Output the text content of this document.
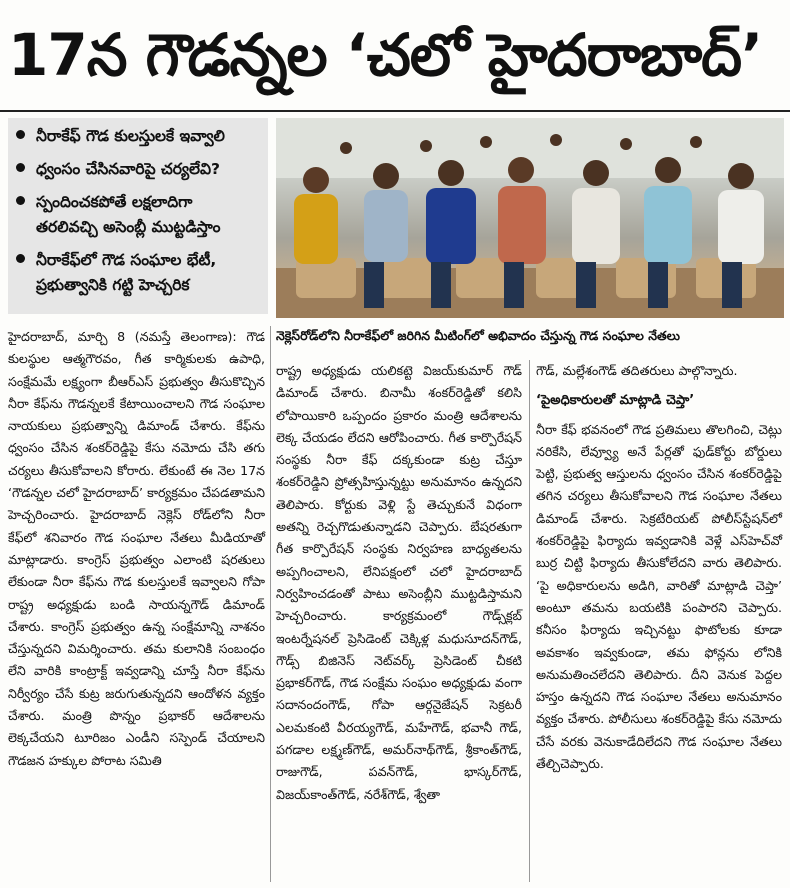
17న గౌడన్నల ‘చలో హైదరాబాద్’
నీరాకేఫ్ గౌడ కులస్తులకే ఇవ్వాలి
ధ్వంసం చేసినవారిపై చర్యలేవి?
స్పందించకపోతే లక్షలాదిగా
తరలివచ్చి అసెంబ్లీ ముట్టడిస్తాం
నీరాకేఫ్‌లో గౌడ సంఘాల భేటీ,
ప్రభుత్వానికి గట్టి హెచ్చరిక
నెక్లెస్‌రోడ్‌లోని నీరాకేఫ్‌లో జరిగిన మీటింగ్‌లో అభివాదం చేస్తున్న గౌడ సంఘాల నేతలు

హైదరాబాద్, మార్చి 8 (నమస్తే తెలంగాణ): గౌడ కులస్థుల ఆత్మగౌరవం, గీత కార్మికులకు ఉపాధి, సంక్షేమమే లక్ష్యంగా బీఆర్‌ఎస్ ప్రభుత్వం తీసుకొచ్చిన నీరా కేఫ్‌ను గౌడన్నలకే కేటాయించాలని గౌడ సంఘాల నాయకులు ప్రభుత్వాన్ని డిమాండ్ చేశారు. కేఫ్‌ను ధ్వంసం చేసిన శంకర్‌రెడ్డిపై కేసు నమోదు చేసి తగు చర్యలు తీసుకోవాలని కోరారు. లేకుంటే ఈ నెల 17న ‘గౌడన్నల చలో హైదరాబాద్’ కార్యక్రమం చేపడతామని హెచ్చరించారు. హైదరాబాద్ నెక్లెస్ రోడ్‌లోని నీరా కేఫ్‌లో శనివారం గౌడ సంఘాల నేతలు మీడియాతో మాట్లాడారు. కాంగ్రెస్ ప్రభుత్వం ఎలాంటి షరతులు లేకుండా నీరా కేఫ్‌ను గౌడ కులస్తులకే ఇవ్వాలని గోపా రాష్ట్ర అధ్యక్షుడు బండి సాయన్నగౌడ్ డిమాండ్ చేశారు. కాంగ్రెస్ ప్రభుత్వం ఉన్న సంక్షేమాన్ని నాశనం చేస్తున్నదని విమర్శించారు. తమ కులానికి సంబంధం లేని వారికి కాంట్రాక్ట్ ఇవ్వడాన్ని చూస్తే నీరా కేఫ్‌ను నిర్వీర్యం చేసే కుట్ర జరుగుతున్నదని ఆందోళన వ్యక్తం చేశారు. మంత్రి పొన్నం ప్రభాకర్ ఆదేశాలను లెక్కచేయని టూరిజం ఎండీని సస్పెండ్ చేయాలని గౌడజన హక్కుల పోరాట సమితి

రాష్ట్ర అధ్యక్షుడు యలికట్టె విజయ్‌కుమార్ గౌడ్ డిమాండ్ చేశారు. బినామీ శంకర్‌రెడ్డితో కలిసి లోపాయికారి ఒప్పందం ప్రకారం మంత్రి ఆదేశాలను లెక్క చేయడం లేదని ఆరోపించారు. గీత కార్పొరేషన్ సంస్థకు నీరా కేఫ్ దక్కకుండా కుట్ర చేస్తూ శంకర్‌రెడ్డిని ప్రోత్సహిస్తున్నట్టు అనుమానం ఉన్నదని తెలిపారు. కోర్టుకు వెళ్లి స్టే తెచ్చుకునే విధంగా అతన్ని రెచ్చగొడుతున్నాడని చెప్పారు. బేషరతుగా గీత కార్పొరేషన్ సంస్థకు నిర్వహణ బాధ్యతలను అప్పగించాలని, లేనిపక్షంలో చలో హైదరాబాద్ నిర్వహించడంతో పాటు అసెంబ్లీని ముట్టడిస్తామని హెచ్చరించారు. కార్యక్రమంలో గౌడ్స్‌క్లబ్ ఇంటర్నేషనల్ ప్రెసిడెంట్ చెక్కిళ్ల మధుసూదన్‌గౌడ్, గౌడ్స్ బిజినెస్ నెట్‌వర్క్ ప్రెసిడెంట్ చీకటి ప్రభాకర్‌గౌడ్, గౌడ సంక్షేమ సంఘం అధ్యక్షుడు వంగా సదానందంగౌడ్, గోపా ఆర్గనైజేషన్ సెక్రటరీ ఎలమకంటి వీరయ్యగౌడ్, మహేగౌడ్, భవానీ గౌడ్, పగడాల లక్ష్మణ్‌గౌడ్, అమర్‌నాథ్‌గౌడ్, శ్రీకాంత్‌గౌడ్, రాజుగౌడ్, పవన్‌గౌడ్, భాస్కర్‌గౌడ్, విజయ్‌కాంత్‌గౌడ్, నరేశ్‌గౌడ్, శ్వేతా

గౌడ్, మల్లేశంగౌడ్ తదితరులు పాల్గొన్నారు.

‘పైఅధికారులతో మాట్లాడి చెప్తా’

నీరా కేఫ్ భవనంలో గౌడ ప్రతిమలు తొలగించి, చెట్లు నరికేసి, లేవ్వ్యూ అనే పేర్లతో ఫుడ్‌కోర్టు బోర్డులు పెట్టి, ప్రభుత్వ ఆస్తులను ధ్వంసం చేసిన శంకర్‌రెడ్డిపై తగిన చర్యలు తీసుకోవాలని గౌడ సంఘాల నేతలు డిమాండ్ చేశారు. సెక్రటేరియట్ పోలీస్‌స్టేషన్‌లో శంకర్‌రెడ్డిపై ఫిర్యాదు ఇవ్వడానికి వెళ్లే ఎస్‌హెచ్‌వో బుర్ర చిట్టి ఫిర్యాదు తీసుకోలేదని వారు తెలిపారు. ‘పై అధికారులను అడిగి, వారితో మాట్లాడి చెప్తా’ అంటూ తమను బయటికి పంపారని చెప్పారు. కనీసం ఫిర్యాదు ఇచ్చినట్టు ఫొటోలకు కూడా అవకాశం ఇవ్వకుండా, తమ ఫోన్లను లోనికి అనుమతించలేదని తెలిపారు. దీని వెనుక పెద్దల హస్తం ఉన్నదని గౌడ సంఘాల నేతలు అనుమానం వ్యక్తం చేశారు. పోలీసులు శంకర్‌రెడ్డిపై కేసు నమోదు చేసే వరకు వెనుకాడేదిలేదని గౌడ సంఘాల నేతలు తేల్చిచెప్పారు.
